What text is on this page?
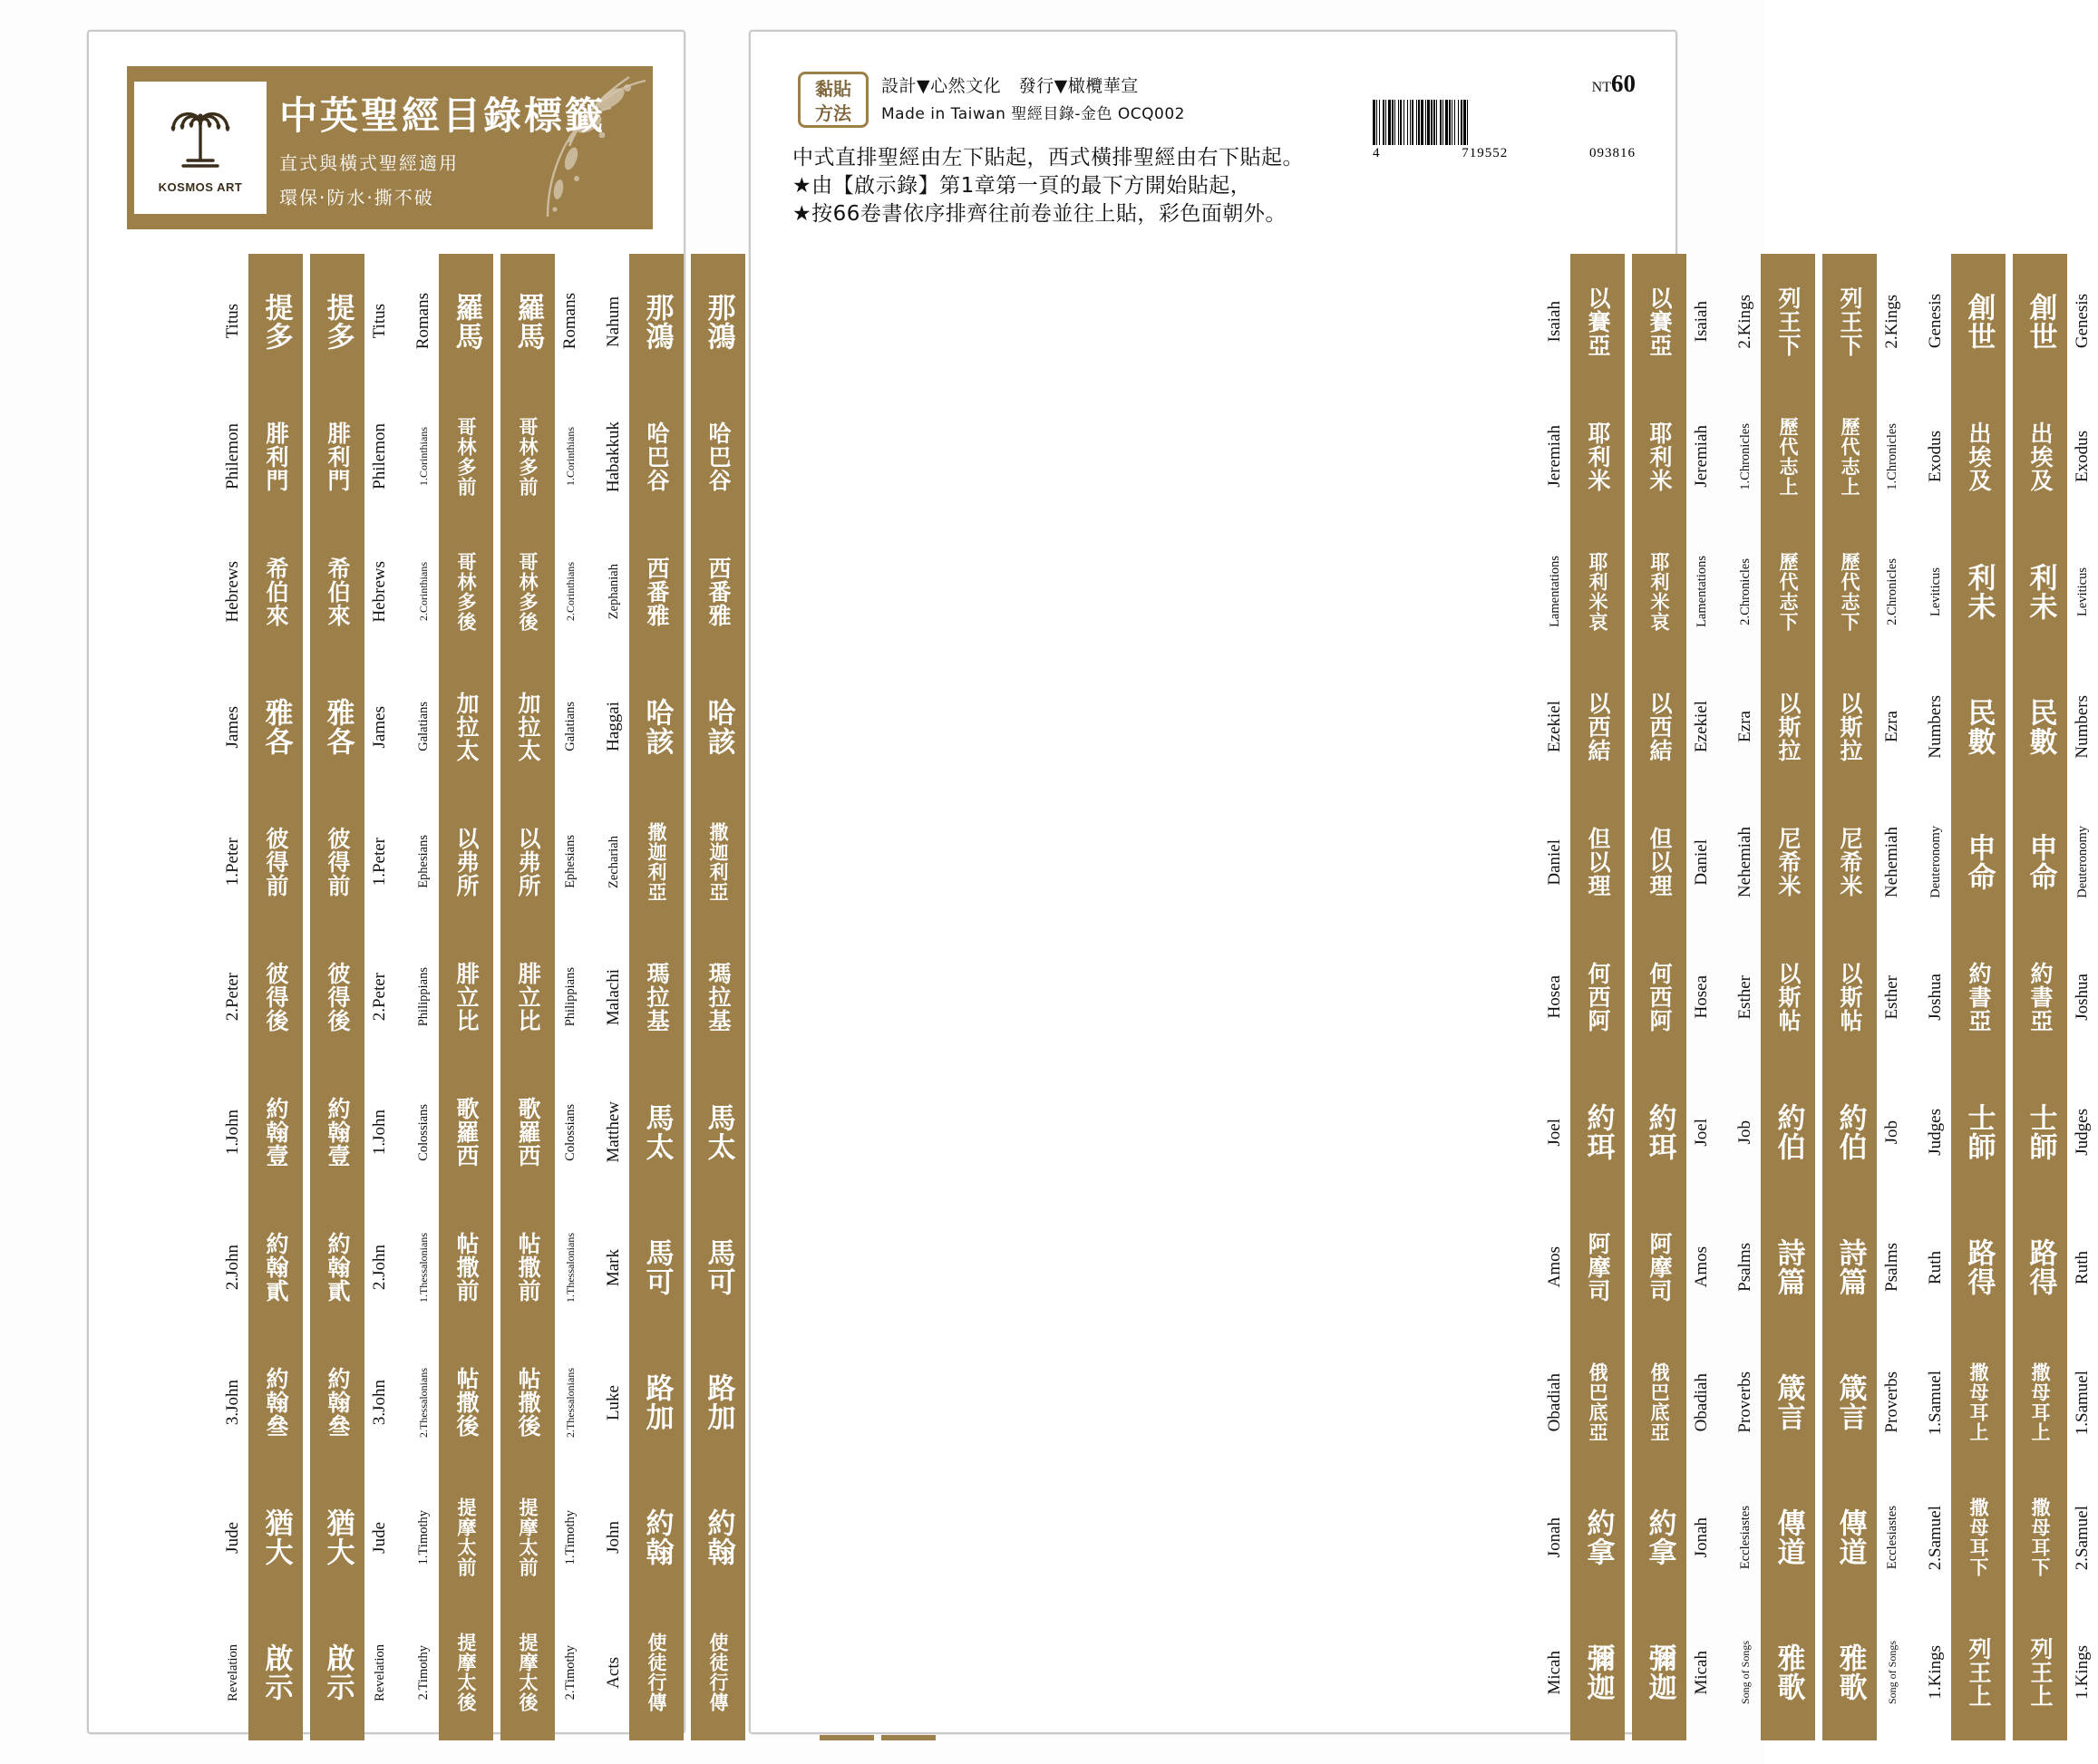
KOSMOS ART
中英聖經目錄標籤
直式與橫式聖經適用
環保·防水·撕不破
Titus
Philemon
Hebrews
James
1.Peter
2.Peter
1.John
2.John
3.John
Jude
Revelation
提多
腓利門
希伯來
雅各
彼得前
彼得後
約翰壹
約翰貳
約翰叄
猶大
啟示
提多
腓利門
希伯來
雅各
彼得前
彼得後
約翰壹
約翰貳
約翰叄
猶大
啟示
Titus
Philemon
Hebrews
James
1.Peter
2.Peter
1.John
2.John
3.John
Jude
Revelation
Romans
1.Corinthians
2.Corinthians
Galatians
Ephesians
Philippians
Colossians
1.Thessalonians
2.Thessalonians
1.Timothy
2.Timothy
羅馬
哥林多前
哥林多後
加拉太
以弗所
腓立比
歌羅西
帖撒前
帖撒後
提摩太前
提摩太後
羅馬
哥林多前
哥林多後
加拉太
以弗所
腓立比
歌羅西
帖撒前
帖撒後
提摩太前
提摩太後
Romans
1.Corinthians
2.Corinthians
Galatians
Ephesians
Philippians
Colossians
1.Thessalonians
2.Thessalonians
1.Timothy
2.Timothy
Nahum
Habakkuk
Zephaniah
Haggai
Zechariah
Malachi
Matthew
Mark
Luke
John
Acts
那鴻
哈巴谷
西番雅
哈該
撒迦利亞
瑪拉基
馬太
馬可
路加
約翰
使徒行傳
那鴻
哈巴谷
西番雅
哈該
撒迦利亞
瑪拉基
馬太
馬可
路加
約翰
使徒行傳
黏貼
方法
設計▼心然文化　發行▼橄欖華宣
Made in Taiwan 聖經目錄-金色 OCQ002
NT60
4	719552	093816
中式直排聖經由左下貼起，西式橫排聖經由右下貼起。
★由【啟示錄】第1章第一頁的最下方開始貼起，
★按66卷書依序排齊往前卷並往上貼，彩色面朝外。
Isaiah
Jeremiah
Lamentations
Ezekiel
Daniel
Hosea
Joel
Amos
Obadiah
Jonah
Micah
以賽亞
耶利米
耶利米哀
以西結
但以理
何西阿
約珥
阿摩司
俄巴底亞
約拿
彌迦
以賽亞
耶利米
耶利米哀
以西結
但以理
何西阿
約珥
阿摩司
俄巴底亞
約拿
彌迦
Isaiah
Jeremiah
Lamentations
Ezekiel
Daniel
Hosea
Joel
Amos
Obadiah
Jonah
Micah
2.Kings
1.Chronicles
2.Chronicles
Ezra
Nehemiah
Esther
Job
Psalms
Proverbs
Ecclesiastes
Song of Songs
列王下
歷代志上
歷代志下
以斯拉
尼希米
以斯帖
約伯
詩篇
箴言
傳道
雅歌
列王下
歷代志上
歷代志下
以斯拉
尼希米
以斯帖
約伯
詩篇
箴言
傳道
雅歌
2.Kings
1.Chronicles
2.Chronicles
Ezra
Nehemiah
Esther
Job
Psalms
Proverbs
Ecclesiastes
Song of Songs
Genesis
Exodus
Leviticus
Numbers
Deuteronomy
Joshua
Judges
Ruth
1.Samuel
2.Samuel
1.Kings
創世
出埃及
利未
民數
申命
約書亞
士師
路得
撒母耳上
撒母耳下
列王上
創世
出埃及
利未
民數
申命
約書亞
士師
路得
撒母耳上
撒母耳下
列王上
Genesis
Exodus
Leviticus
Numbers
Deuteronomy
Joshua
Judges
Ruth
1.Samuel
2.Samuel
1.Kings
